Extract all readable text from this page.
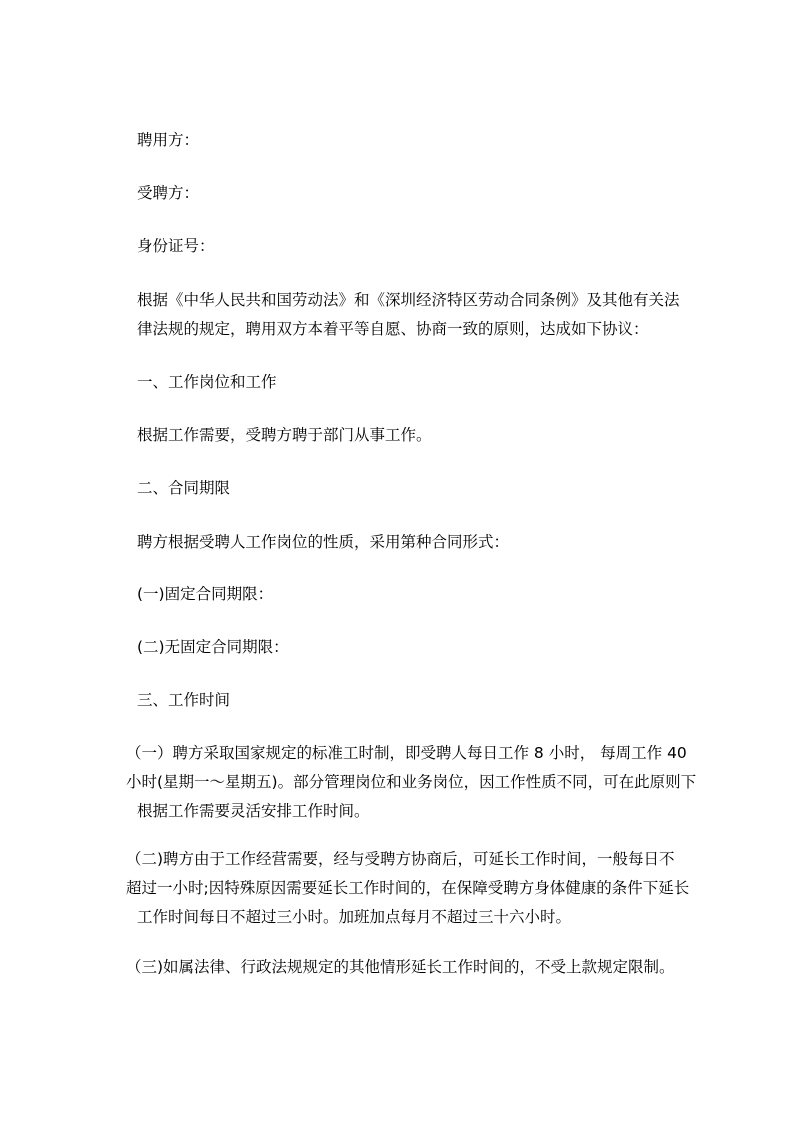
聘用方：

受聘方：

身份证号：

根据《中华人民共和国劳动法》和《深圳经济特区劳动合同条例》及其他有关法
律法规的规定，聘用双方本着平等自愿、协商一致的原则，达成如下协议：

一、工作岗位和工作

根据工作需要，受聘方聘于部门从事工作。

二、合同期限

聘方根据受聘人工作岗位的性质，采用第种合同形式：

(一)固定合同期限：

(二)无固定合同期限：

三、工作时间

（一）聘方采取国家规定的标准工时制，即受聘人每日工作 8 小时， 每周工作 40
小时(星期一～星期五)。部分管理岗位和业务岗位，因工作性质不同，可在此原则下
根据工作需要灵活安排工作时间。
（二)聘方由于工作经营需要，经与受聘方协商后，可延长工作时间，一般每日不
超过一小时;因特殊原因需要延长工作时间的，在保障受聘方身体健康的条件下延长
工作时间每日不超过三小时。加班加点每月不超过三十六小时。

（三)如属法律、行政法规规定的其他情形延长工作时间的，不受上款规定限制。
